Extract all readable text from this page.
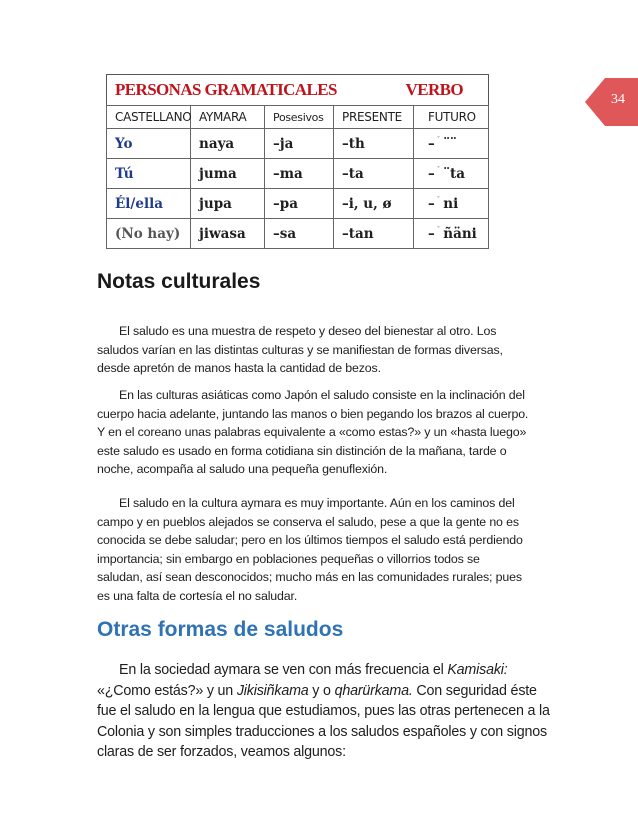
34
PERSONAS GRAMATICALES			VERBO	
CASTELLANO	AYMARA	Posesivos	PRESENTE	FUTURO
Yo	naya	–ja	–th	– $^ˇ$ ¨¨
Tú	juma	–ma	–ta	– $^ˇ$ ¨ta
Él/ella	jupa	–pa	–i, u, ø	– $^ˇ$ ni
(No hay)	jiwasa	–sa	–tan	– $^ˇ$ ñäni
Notas culturales

El saludo es una muestra de respeto y deseo del bienestar al otro. Los
saludos varían en las distintas culturas y se manifiestan de formas diversas,
desde apretón de manos hasta la cantidad de bezos.

En las culturas asiáticas como Japón el saludo consiste en la inclinación del
cuerpo hacia adelante, juntando las manos o bien pegando los brazos al cuerpo.
Y en el coreano unas palabras equivalente a «como estas?» y un «hasta luego»
este saludo es usado en forma cotidiana sin distinción de la mañana, tarde o
noche, acompaña al saludo una pequeña genuflexión.

El saludo en la cultura aymara es muy importante. Aún en los caminos del
campo y en pueblos alejados se conserva el saludo, pese a que la gente no es
conocida se debe saludar; pero en los últimos tiempos el saludo está perdiendo
importancia; sin embargo en poblaciones pequeñas o villorrios todos se
saludan, así sean desconocidos; mucho más en las comunidades rurales; pues
es una falta de cortesía el no saludar.

Otras formas de saludos

En la sociedad aymara se ven con más frecuencia el Kamisaki:
«¿Como estás?» y un Jikisiñkama y o qharürkama. Con seguridad éste
fue el saludo en la lengua que estudiamos, pues las otras pertenecen a la
Colonia y son simples traducciones a los saludos españoles y con signos
claras de ser forzados, veamos algunos:
